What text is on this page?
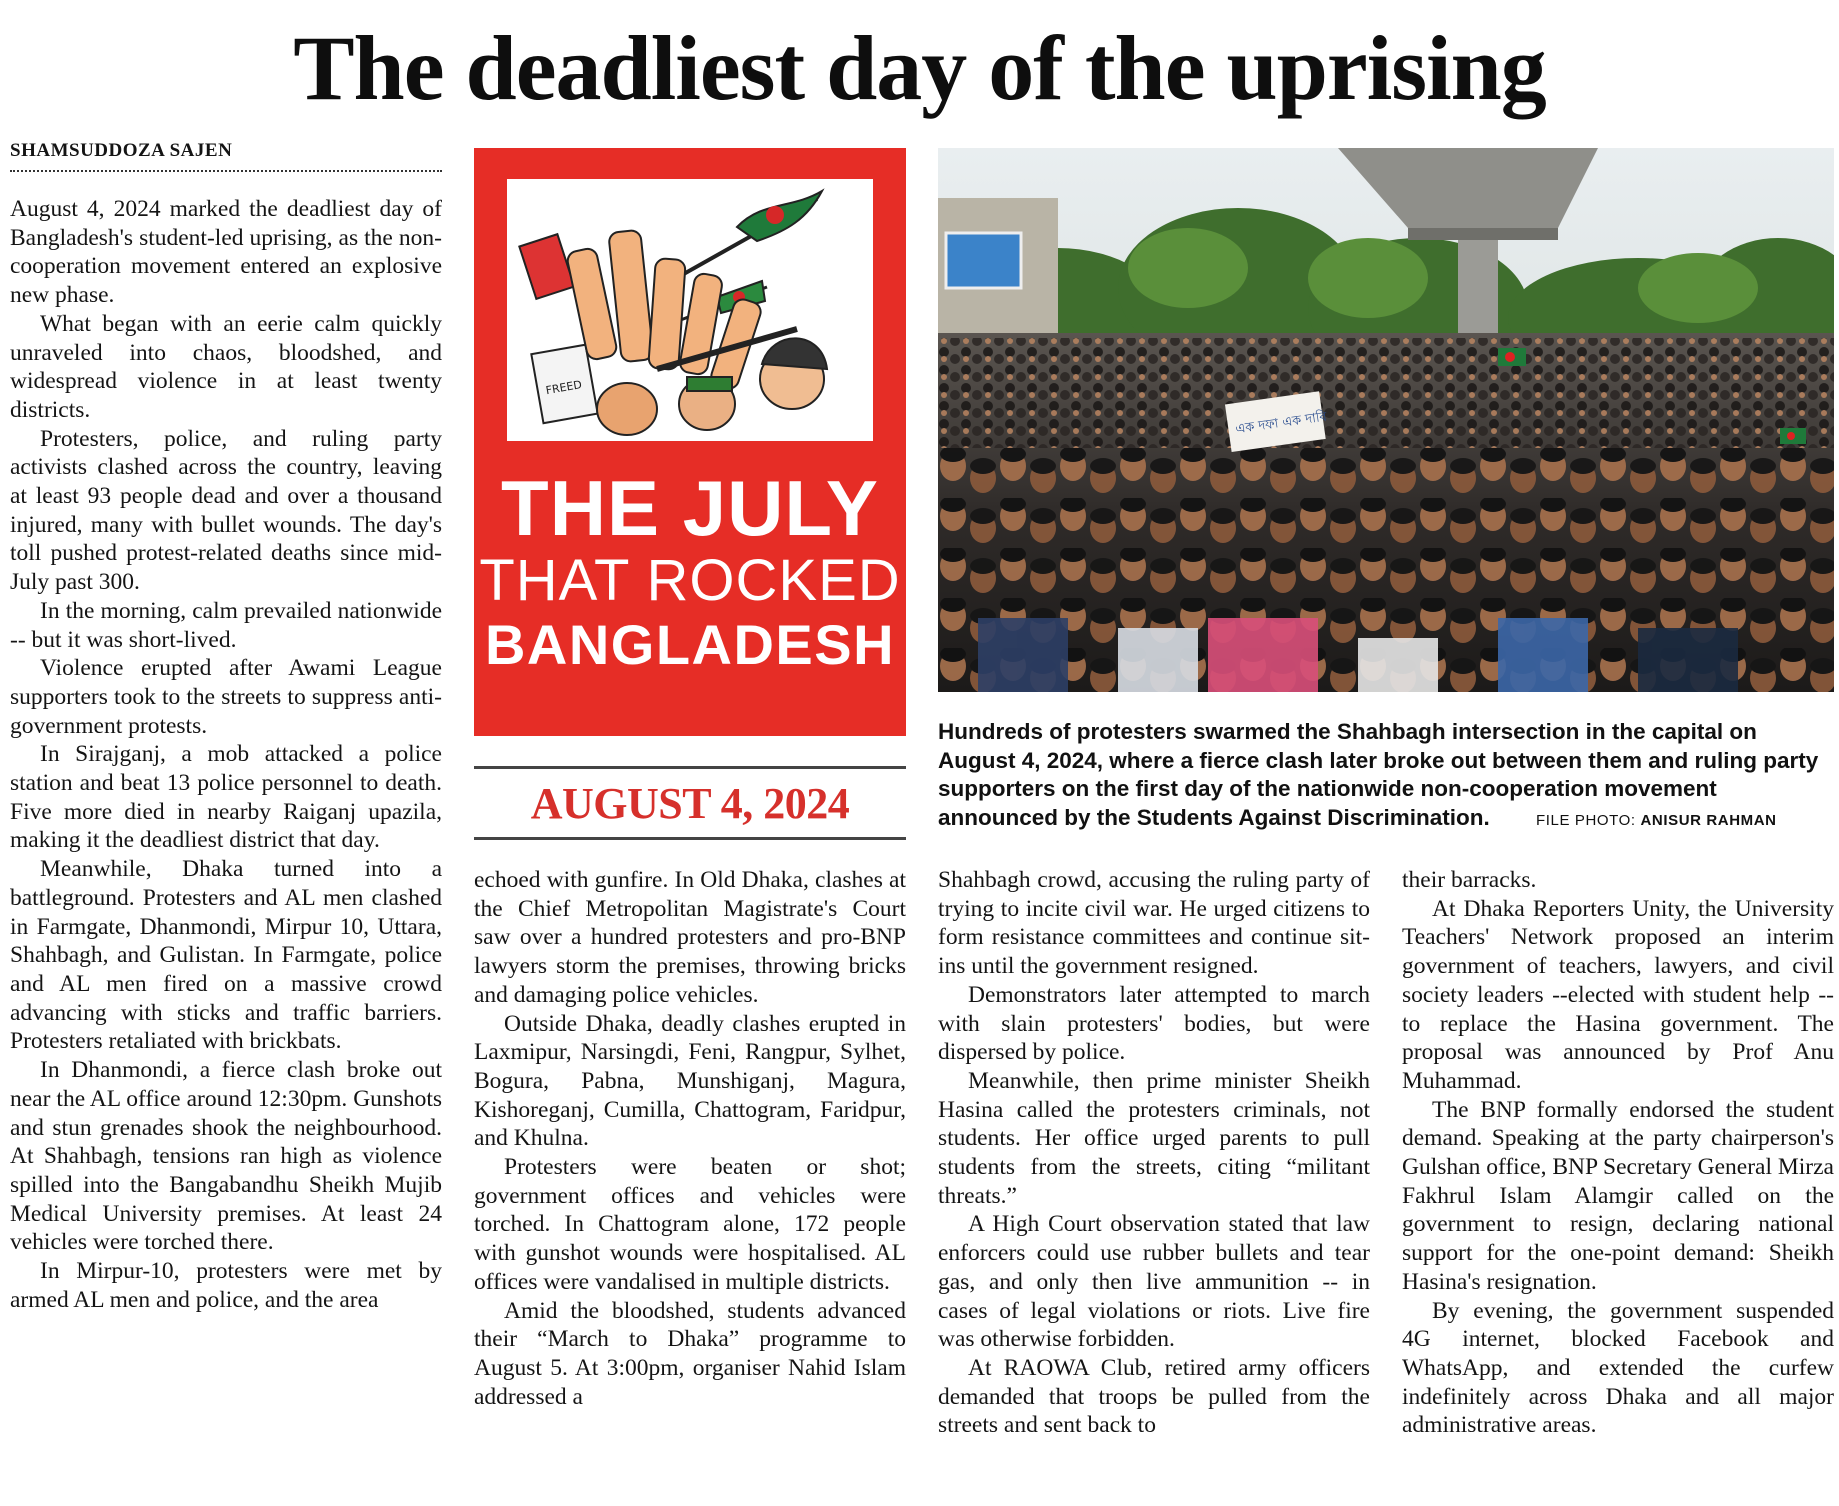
The deadliest day of the uprising
SHAMSUDDOZA SAJEN

August 4, 2024 marked the deadliest day of Bangladesh's student-led uprising, as the non-cooperation movement entered an explosive new phase.

What began with an eerie calm quickly unraveled into chaos, bloodshed, and widespread violence in at least twenty districts.

Protesters, police, and ruling party activists clashed across the country, leaving at least 93 people dead and over a thousand injured, many with bullet wounds. The day's toll pushed protest-related deaths since mid-July past 300.

In the morning, calm prevailed nationwide -- but it was short-lived.

Violence erupted after Awami League supporters took to the streets to suppress anti-government protests.

In Sirajganj, a mob attacked a police station and beat 13 police personnel to death. Five more died in nearby Raiganj upazila, making it the deadliest district that day.

Meanwhile, Dhaka turned into a battleground. Protesters and AL men clashed in Farmgate, Dhanmondi, Mirpur 10, Uttara, Shahbagh, and Gulistan. In Farmgate, police and AL men fired on a massive crowd advancing with sticks and traffic barriers. Protesters retaliated with brickbats.

In Dhanmondi, a fierce clash broke out near the AL office around 12:30pm. Gunshots and stun grenades shook the neighbourhood. At Shahbagh, tensions ran high as violence spilled into the Bangabandhu Sheikh Mujib Medical University premises. At least 24 vehicles were torched there.

In Mirpur-10, protesters were met by armed AL men and police, and the area

FREED
THE JULY
THAT ROCKED
BANGLADESH
AUGUST 4, 2024
এক দফা এক দাবি
Hundreds of protesters swarmed the Shahbagh intersection in the capital on August 4, 2024, where a fierce clash later broke out between them and ruling party supporters on the first day of the nationwide non-cooperation movement announced by the Students Against Discrimination.	FILE PHOTO: ANISUR RAHMAN

echoed with gunfire. In Old Dhaka, clashes at the Chief Metropolitan Magistrate's Court saw over a hundred protesters and pro-BNP lawyers storm the premises, throwing bricks and damaging police vehicles.

Outside Dhaka, deadly clashes erupted in Laxmipur, Narsingdi, Feni, Rangpur, Sylhet, Bogura, Pabna, Munshiganj, Magura, Kishoreganj, Cumilla, Chattogram, Faridpur, and Khulna.

Protesters were beaten or shot; government offices and vehicles were torched. In Chattogram alone, 172 people with gunshot wounds were hospitalised. AL offices were vandalised in multiple districts.

Amid the bloodshed, students advanced their “March to Dhaka” programme to August 5. At 3:00pm, organiser Nahid Islam addressed a

Shahbagh crowd, accusing the ruling party of trying to incite civil war. He urged citizens to form resistance committees and continue sit-ins until the government resigned.

Demonstrators later attempted to march with slain protesters' bodies, but were dispersed by police.

Meanwhile, then prime minister Sheikh Hasina called the protesters criminals, not students. Her office urged parents to pull students from the streets, citing “militant threats.”

A High Court observation stated that law enforcers could use rubber bullets and tear gas, and only then live ammunition -- in cases of legal violations or riots. Live fire was otherwise forbidden.

At RAOWA Club, retired army officers demanded that troops be pulled from the streets and sent back to

their barracks.

At Dhaka Reporters Unity, the University Teachers' Network proposed an interim government of teachers, lawyers, and civil society leaders --elected with student help -- to replace the Hasina government. The proposal was announced by Prof Anu Muhammad.

The BNP formally endorsed the student demand. Speaking at the party chairperson's Gulshan office, BNP Secretary General Mirza Fakhrul Islam Alamgir called on the government to resign, declaring national support for the one-point demand: Sheikh Hasina's resignation.

By evening, the government suspended 4G internet, blocked Facebook and WhatsApp, and extended the curfew indefinitely across Dhaka and all major administrative areas.
